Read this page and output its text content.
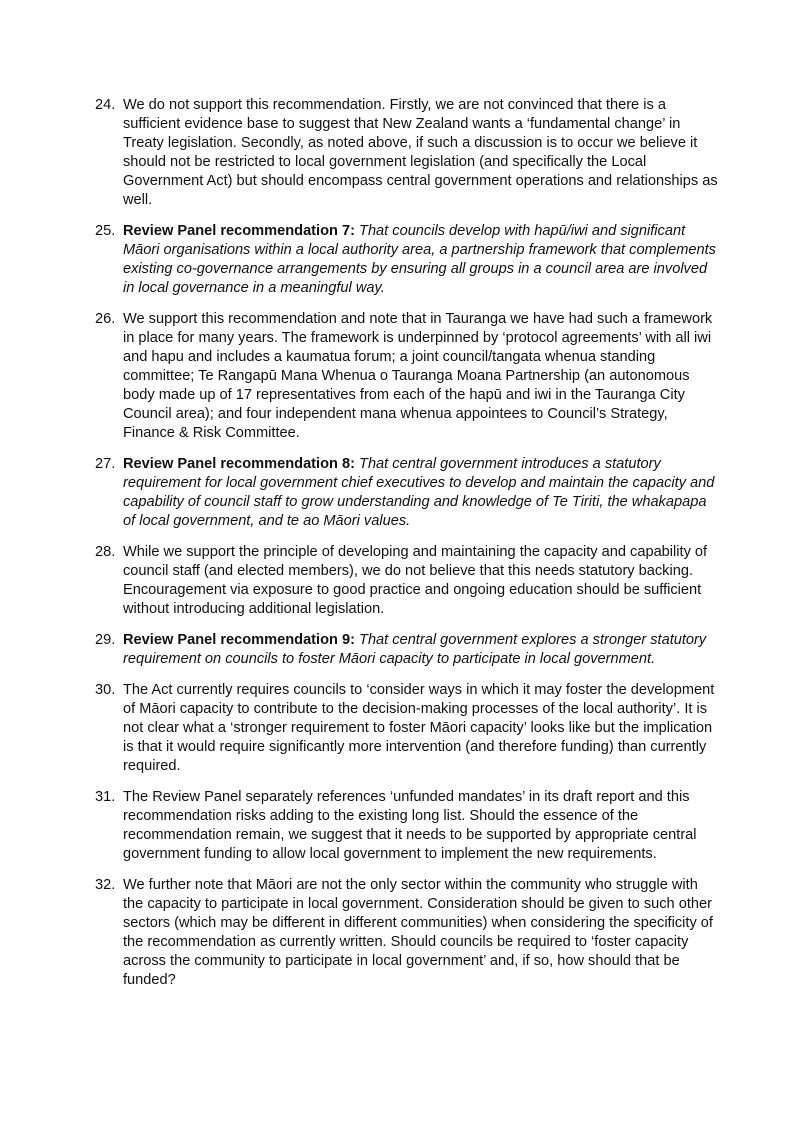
24. We do not support this recommendation. Firstly, we are not convinced that there is a sufficient evidence base to suggest that New Zealand wants a ‘fundamental change’ in Treaty legislation. Secondly, as noted above, if such a discussion is to occur we believe it should not be restricted to local government legislation (and specifically the Local Government Act) but should encompass central government operations and relationships as well.
25. Review Panel recommendation 7: That councils develop with hapū/iwi and significant Māori organisations within a local authority area, a partnership framework that complements existing co-governance arrangements by ensuring all groups in a council area are involved in local governance in a meaningful way.
26. We support this recommendation and note that in Tauranga we have had such a framework in place for many years. The framework is underpinned by ‘protocol agreements’ with all iwi and hapu and includes a kaumatua forum; a joint council/tangata whenua standing committee; Te Rangapū Mana Whenua o Tauranga Moana Partnership (an autonomous body made up of 17 representatives from each of the hapū and iwi in the Tauranga City Council area); and four independent mana whenua appointees to Council’s Strategy, Finance & Risk Committee.
27. Review Panel recommendation 8: That central government introduces a statutory requirement for local government chief executives to develop and maintain the capacity and capability of council staff to grow understanding and knowledge of Te Tiriti, the whakapapa of local government, and te ao Māori values.
28. While we support the principle of developing and maintaining the capacity and capability of council staff (and elected members), we do not believe that this needs statutory backing. Encouragement via exposure to good practice and ongoing education should be sufficient without introducing additional legislation.
29. Review Panel recommendation 9: That central government explores a stronger statutory requirement on councils to foster Māori capacity to participate in local government.
30. The Act currently requires councils to ‘consider ways in which it may foster the development of Māori capacity to contribute to the decision-making processes of the local authority’. It is not clear what a ‘stronger requirement to foster Māori capacity’ looks like but the implication is that it would require significantly more intervention (and therefore funding) than currently required.
31. The Review Panel separately references ‘unfunded mandates’ in its draft report and this recommendation risks adding to the existing long list. Should the essence of the recommendation remain, we suggest that it needs to be supported by appropriate central government funding to allow local government to implement the new requirements.
32. We further note that Māori are not the only sector within the community who struggle with the capacity to participate in local government. Consideration should be given to such other sectors (which may be different in different communities) when considering the specificity of the recommendation as currently written. Should councils be required to ‘foster capacity across the community to participate in local government’ and, if so, how should that be funded?
